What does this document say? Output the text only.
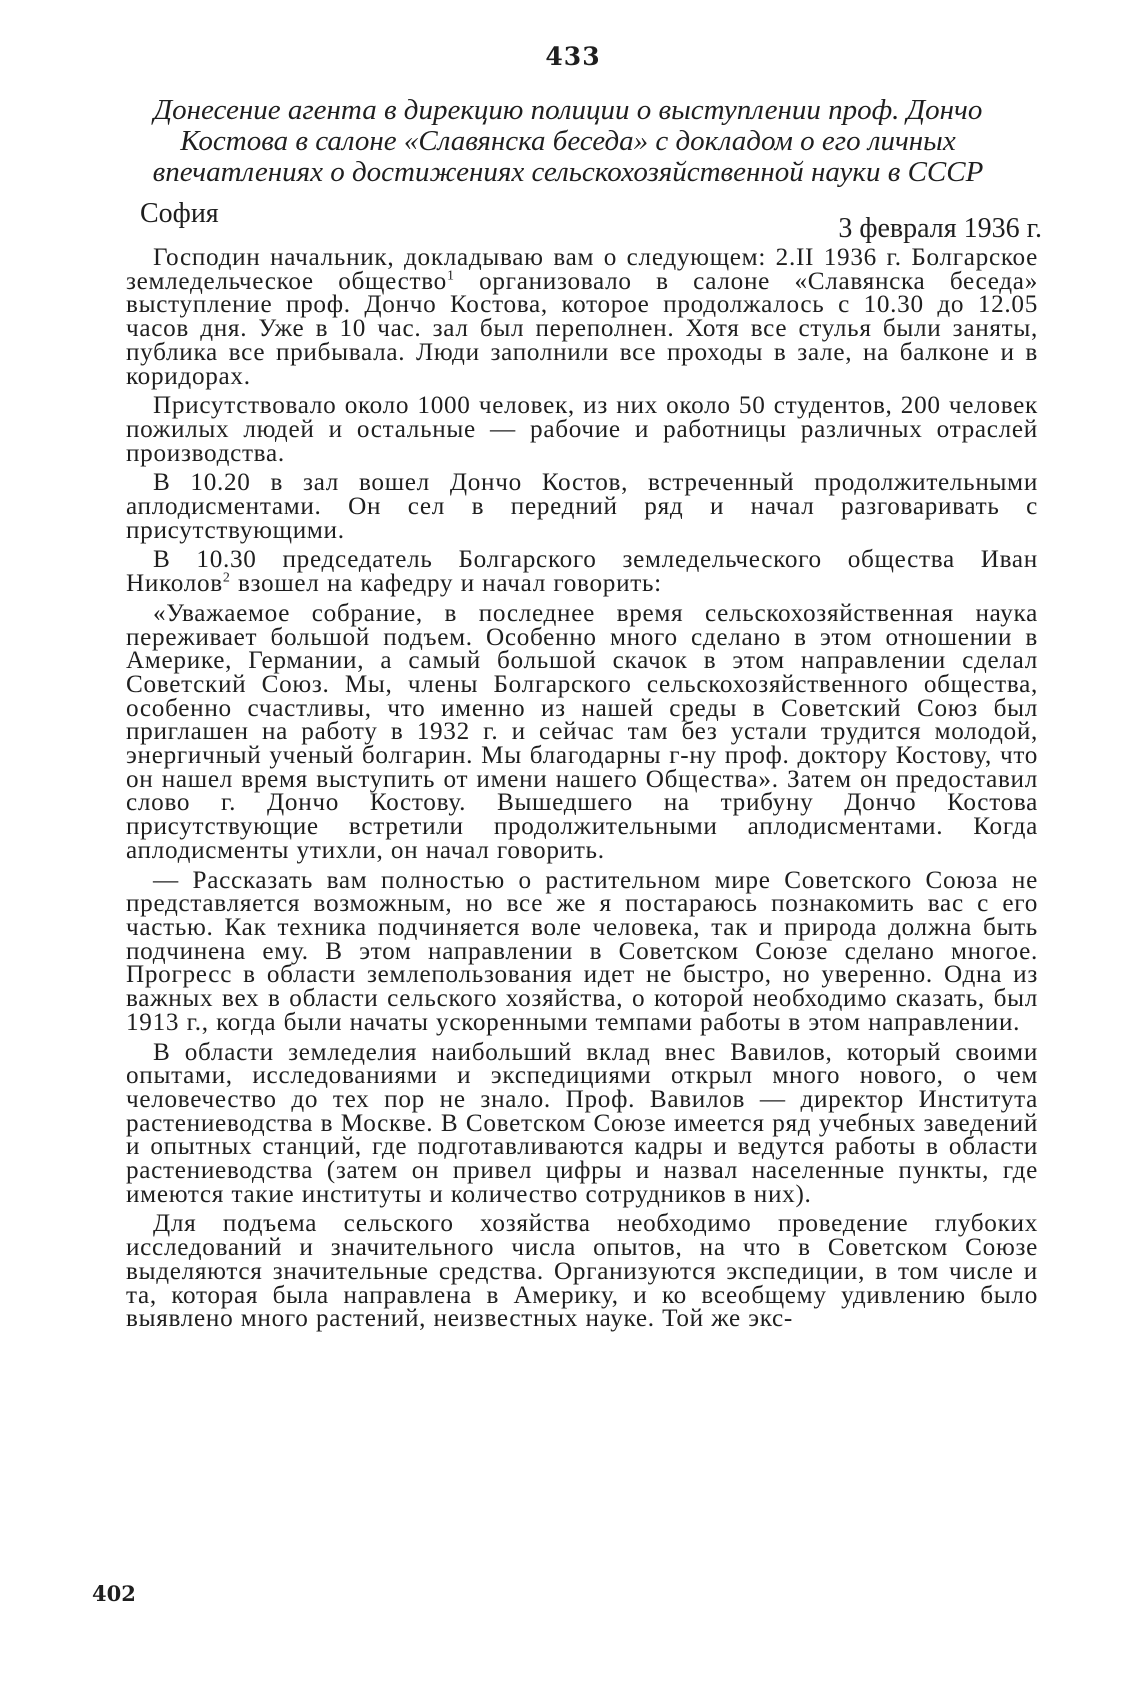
433
Донесение агента в дирекцию полиции о выступлении проф. Дончо Костова в салоне «Славянска беседа» с докладом о его личных впечатлениях о достижениях сельскохозяйственной науки в СССР
София	3 февраля 1936 г.

Господин начальник, докладываю вам о следующем: 2.II 1936 г. Болгарское земледельческое общество$^1$ организовало в салоне «Славянска беседа» выступление проф. Дончо Костова, которое продолжалось с 10.30 до 12.05 часов дня. Уже в 10 час. зал был переполнен. Хотя все стулья были заняты, публика все прибывала. Люди заполнили все проходы в зале, на балконе и в коридорах.

Присутствовало около 1000 человек, из них около 50 студентов, 200 человек пожилых людей и остальные — рабочие и работницы различных отраслей производства.

В 10.20 в зал вошел Дончо Костов, встреченный продолжительными аплодисментами. Он сел в передний ряд и начал разговаривать с присутствующими.

В 10.30 председатель Болгарского земледельческого общества Иван Николов$^2$ взошел на кафедру и начал говорить:

«Уважаемое собрание, в последнее время сельскохозяйственная наука переживает большой подъем. Особенно много сделано в этом отношении в Америке, Германии, а самый большой скачок в этом направлении сделал Советский Союз. Мы, члены Болгарского сельскохозяйственного общества, особенно счастливы, что именно из нашей среды в Советский Союз был приглашен на работу в 1932 г. и сейчас там без устали трудится молодой, энергичный ученый болгарин. Мы благодарны г-ну проф. доктору Костову, что он нашел время выступить от имени нашего Общества». Затем он предоставил слово г. Дончо Костову. Вышедшего на трибуну Дончо Костова присутствующие встретили продолжительными аплодисментами. Когда аплодисменты утихли, он начал говорить.

— Рассказать вам полностью о растительном мире Советского Союза не представляется возможным, но все же я постараюсь познакомить вас с его частью. Как техника подчиняется воле человека, так и природа должна быть подчинена ему. В этом направлении в Советском Союзе сделано многое. Прогресс в области землепользования идет не быстро, но уверенно. Одна из важных вех в области сельского хозяйства, о которой необходимо сказать, был 1913 г., когда были начаты ускоренными темпами работы в этом направлении.

В области земледелия наибольший вклад внес Вавилов, который своими опытами, исследованиями и экспедициями открыл много нового, о чем человечество до тех пор не знало. Проф. Вавилов — директор Института растениеводства в Москве. В Советском Союзе имеется ряд учебных заведений и опытных станций, где подготавливаются кадры и ведутся работы в области растениеводства (затем он привел цифры и назвал населенные пункты, где имеются такие институты и количество сотрудников в них).

Для подъема сельского хозяйства необходимо проведение глубоких исследований и значительного числа опытов, на что в Советском Союзе выделяются значительные средства. Организуются экспедиции, в том числе и та, которая была направлена в Америку, и ко всеобщему удивлению было выявлено много растений, неизвестных науке. Той же экс-

402
